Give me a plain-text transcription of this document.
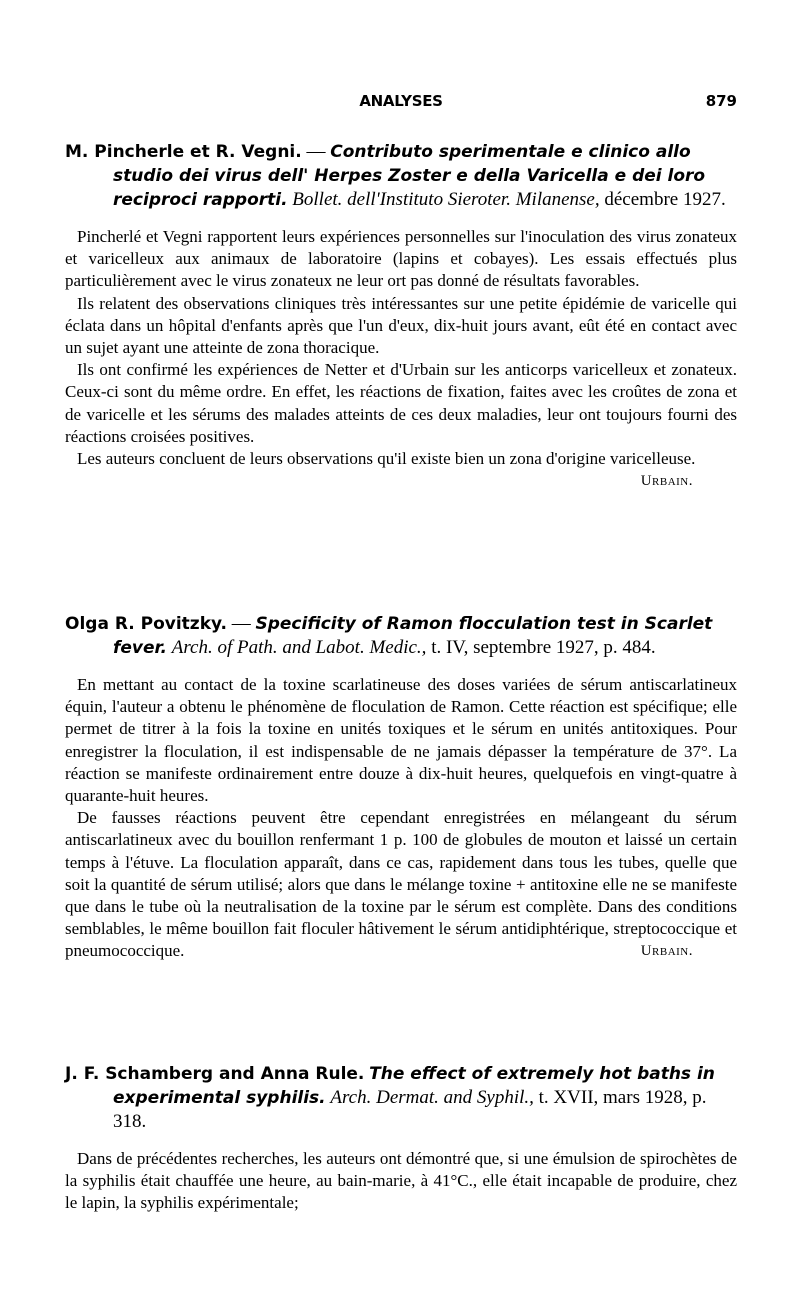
ANALYSES	879
M. Pincherle et R. Vegni. — Contributo sperimentale e clinico allo studio dei virus dell' Herpes Zoster e della Varicella e dei loro reciproci rapporti. Bollet. dell'Instituto Sieroter. Milanense, décembre 1927.

Pincherlé et Vegni rapportent leurs expériences personnelles sur l'inoculation des virus zonateux et varicelleux aux animaux de laboratoire (lapins et cobayes). Les essais effectués plus particulièrement avec le virus zonateux ne leur ort pas donné de résultats favorables.

Ils relatent des observations cliniques très intéressantes sur une petite épidémie de varicelle qui éclata dans un hôpital d'enfants après que l'un d'eux, dix-huit jours avant, eût été en contact avec un sujet ayant une atteinte de zona thoracique.

Ils ont confirmé les expériences de Netter et d'Urbain sur les anticorps varicelleux et zonateux. Ceux-ci sont du même ordre. En effet, les réactions de fixation, faites avec les croûtes de zona et de varicelle et les sérums des malades atteints de ces deux maladies, leur ont toujours fourni des réactions croisées positives.

Les auteurs concluent de leurs observations qu'il existe bien un zona d'origine varicelleuse.
Urbain.

Olga R. Povitzky. — Specificity of Ramon flocculation test in Scarlet fever. Arch. of Path. and Labot. Medic., t. IV, septembre 1927, p. 484.

En mettant au contact de la toxine scarlatineuse des doses variées de sérum antiscarlatineux équin, l'auteur a obtenu le phénomène de floculation de Ramon. Cette réaction est spécifique; elle permet de titrer à la fois la toxine en unités toxiques et le sérum en unités antitoxiques. Pour enregistrer la floculation, il est indispensable de ne jamais dépasser la température de 37°. La réaction se manifeste ordinairement entre douze à dix-huit heures, quelquefois en vingt-quatre à quarante-huit heures.

De fausses réactions peuvent être cependant enregistrées en mélangeant du sérum antiscarlatineux avec du bouillon renfermant 1 p. 100 de globules de mouton et laissé un certain temps à l'étuve. La floculation apparaît, dans ce cas, rapidement dans tous les tubes, quelle que soit la quantité de sérum utilisé; alors que dans le mélange toxine + antitoxine elle ne se manifeste que dans le tube où la neutralisation de la toxine par le sérum est complète. Dans des conditions semblables, le même bouillon fait floculer hâtivement le sérum antidiphtérique, streptococcique et pneumococcique.	Urbain.

J. F. Schamberg and Anna Rule. The effect of extremely hot baths in experimental syphilis. Arch. Dermat. and Syphil., t. XVII, mars 1928, p. 318.

Dans de précédentes recherches, les auteurs ont démontré que, si une émulsion de spirochètes de la syphilis était chauffée une heure, au bain-marie, à 41°C., elle était incapable de produire, chez le lapin, la syphilis expérimentale;
